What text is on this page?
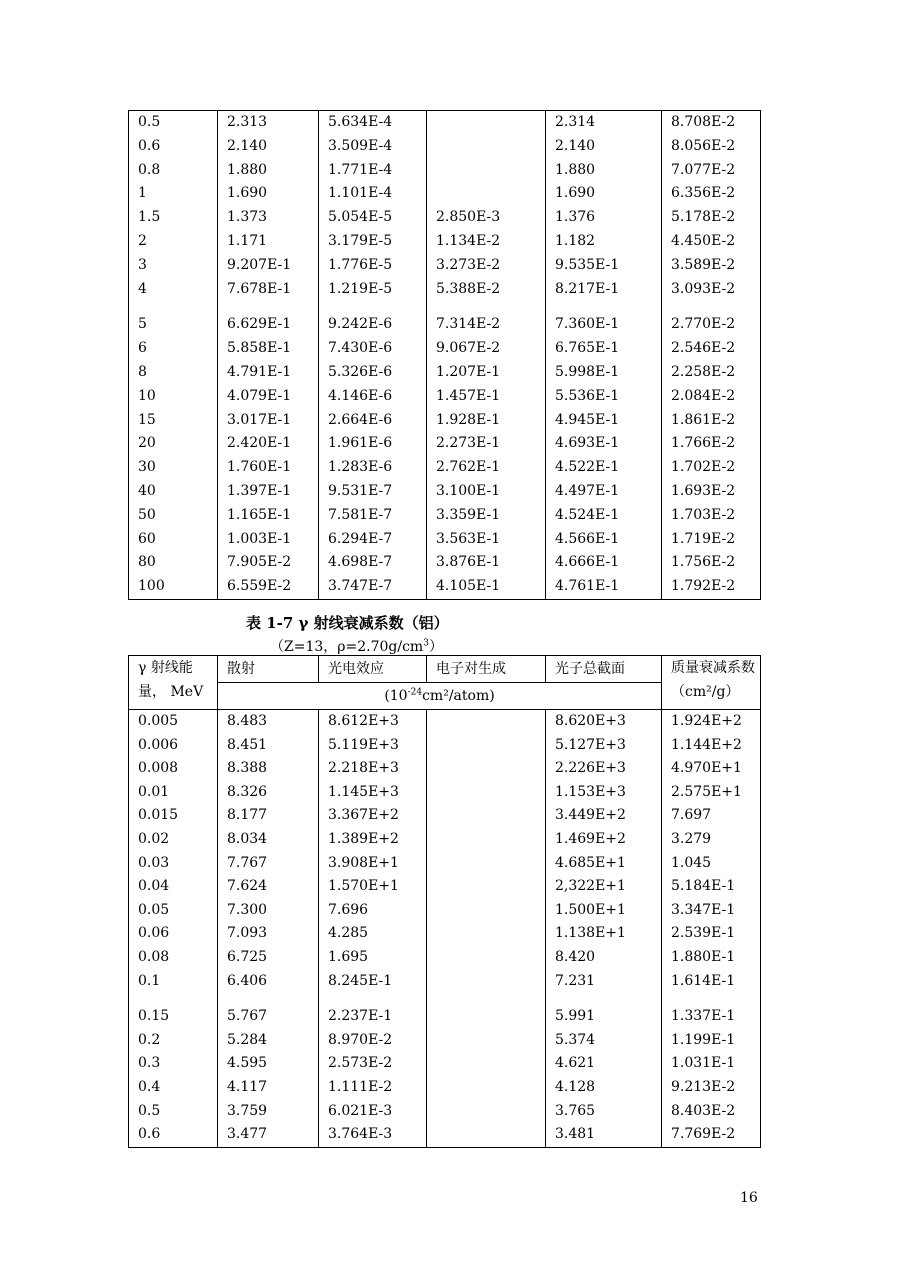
0.5	2.313	5.634E-4		2.314	8.708E-2
0.6	2.140	3.509E-4		2.140	8.056E-2
0.8	1.880	1.771E-4		1.880	7.077E-2
1	1.690	1.101E-4		1.690	6.356E-2
1.5	1.373	5.054E-5	2.850E-3	1.376	5.178E-2
2	1.171	3.179E-5	1.134E-2	1.182	4.450E-2
3	9.207E-1	1.776E-5	3.273E-2	9.535E-1	3.589E-2
4	7.678E-1	1.219E-5	5.388E-2	8.217E-1	3.093E-2

5	6.629E-1	9.242E-6	7.314E-2	7.360E-1	2.770E-2
6	5.858E-1	7.430E-6	9.067E-2	6.765E-1	2.546E-2
8	4.791E-1	5.326E-6	1.207E-1	5.998E-1	2.258E-2
10	4.079E-1	4.146E-6	1.457E-1	5.536E-1	2.084E-2
15	3.017E-1	2.664E-6	1.928E-1	4.945E-1	1.861E-2
20	2.420E-1	1.961E-6	2.273E-1	4.693E-1	1.766E-2
30	1.760E-1	1.283E-6	2.762E-1	4.522E-1	1.702E-2
40	1.397E-1	9.531E-7	3.100E-1	4.497E-1	1.693E-2
50	1.165E-1	7.581E-7	3.359E-1	4.524E-1	1.703E-2
60	1.003E-1	6.294E-7	3.563E-1	4.566E-1	1.719E-2
80	7.905E-2	4.698E-7	3.876E-1	4.666E-1	1.756E-2
100	6.559E-2	3.747E-7	4.105E-1	4.761E-1	1.792E-2
表 1-7 γ 射线衰减系数（铝）
（Z=13，$\rho=2.70g/cm^3$）
γ 射线能量， MeV	散射	光电效应	电子对生成	光子总截面	质量衰减系数（cm²/g）
	$(10^{-24}cm^2/atom)$				
0.005	8.483	8.612E+3		8.620E+3	1.924E+2
0.006	8.451	5.119E+3		5.127E+3	1.144E+2
0.008	8.388	2.218E+3		2.226E+3	4.970E+1
0.01	8.326	1.145E+3		1.153E+3	2.575E+1
0.015	8.177	3.367E+2		3.449E+2	7.697
0.02	8.034	1.389E+2		1.469E+2	3.279
0.03	7.767	3.908E+1		4.685E+1	1.045
0.04	7.624	1.570E+1		2,322E+1	5.184E-1
0.05	7.300	7.696		1.500E+1	3.347E-1
0.06	7.093	4.285		1.138E+1	2.539E-1
0.08	6.725	1.695		8.420	1.880E-1
0.1	6.406	8.245E-1		7.231	1.614E-1

0.15	5.767	2.237E-1		5.991	1.337E-1
0.2	5.284	8.970E-2		5.374	1.199E-1
0.3	4.595	2.573E-2		4.621	1.031E-1
0.4	4.117	1.111E-2		4.128	9.213E-2
0.5	3.759	6.021E-3		3.765	8.403E-2
0.6	3.477	3.764E-3		3.481	7.769E-2
16
